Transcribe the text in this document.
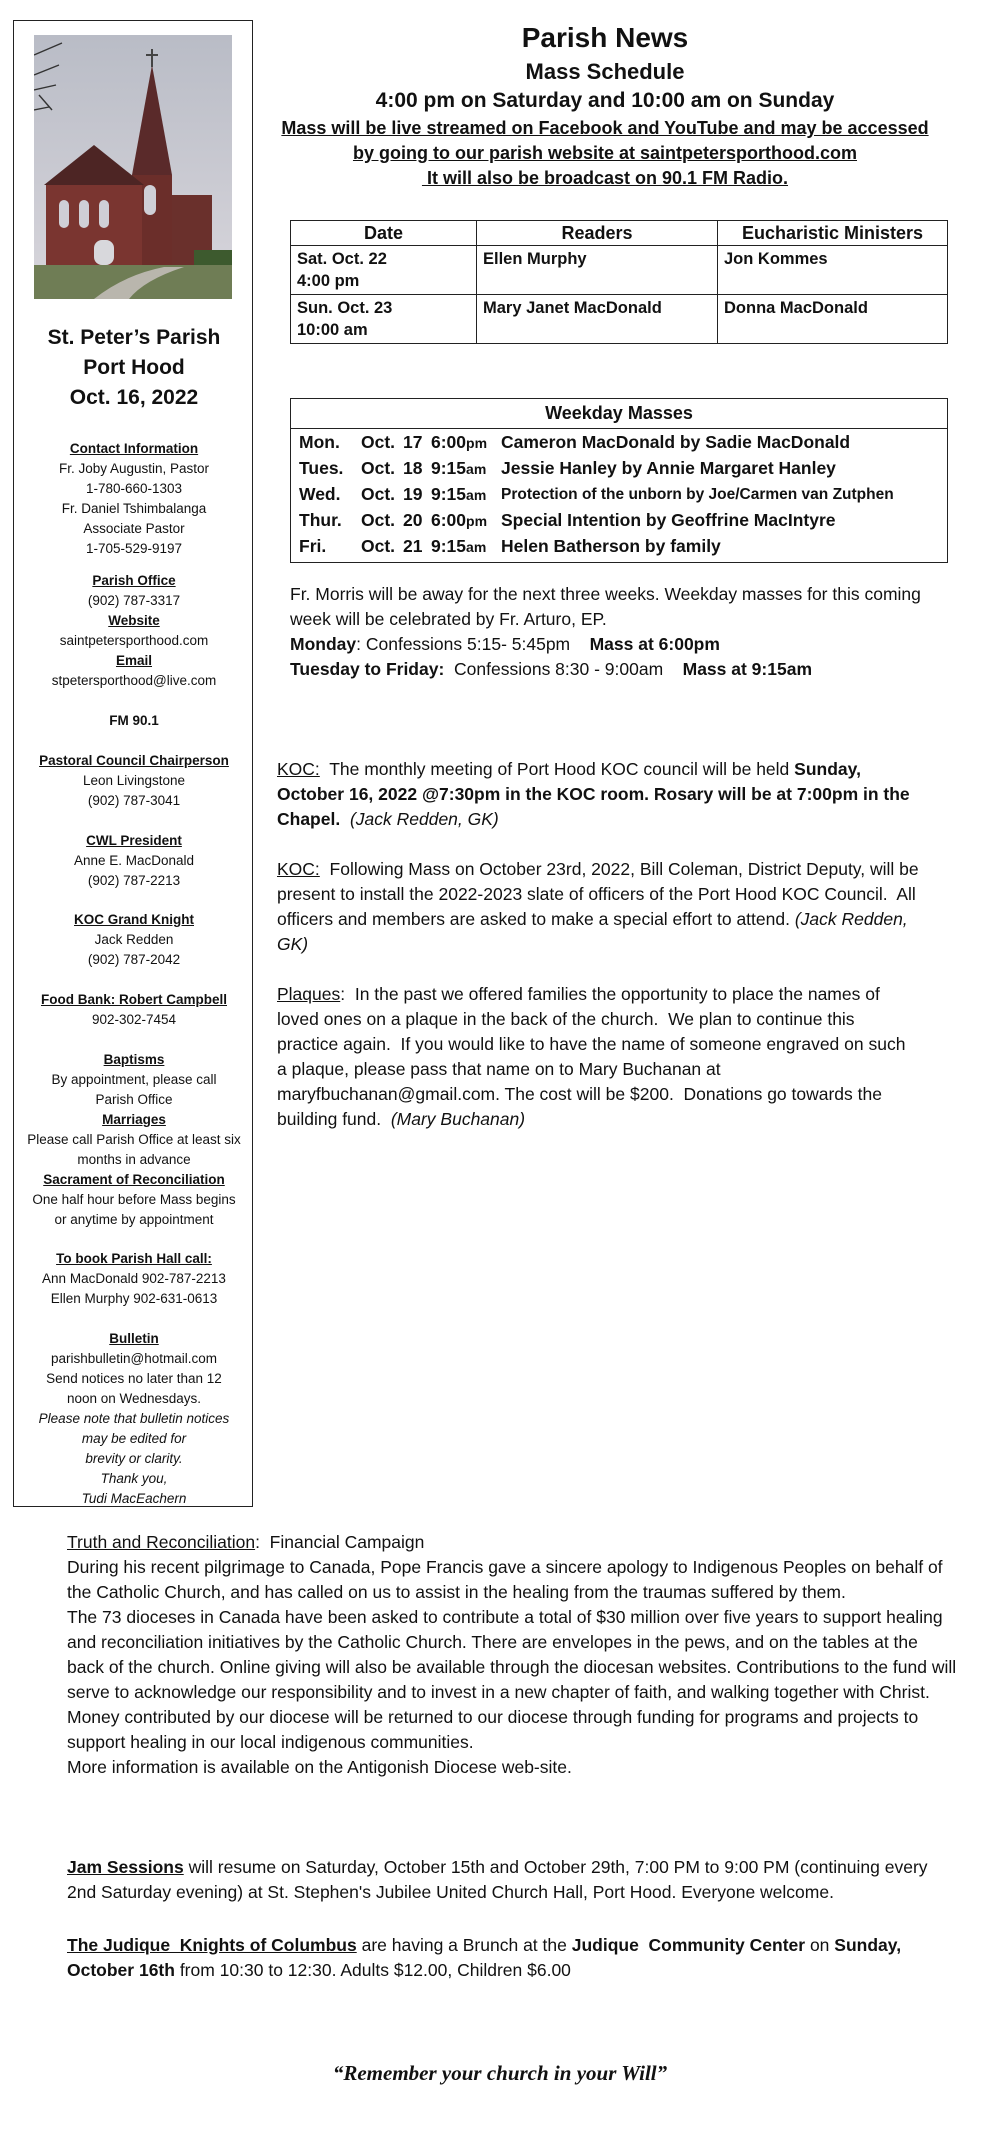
St. Peter’s Parish
Port Hood
Oct. 16, 2022
Contact Information
Fr. Joby Augustin, Pastor
1-780-660-1303
Fr. Daniel Tshimbalanga
Associate Pastor
1-705-529-9197
Parish Office
(902) 787-3317
Website
saintpetersporthood.com
Email
stpetersporthood@live.com
FM 90.1
Pastoral Council Chairperson
Leon Livingstone
(902) 787-3041
CWL President
Anne E. MacDonald
(902) 787-2213
KOC Grand Knight
Jack Redden
(902) 787-2042
Food Bank: Robert Campbell
902-302-7454
Baptisms
By appointment, please call
Parish Office
Marriages
Please call Parish Office at least six
months in advance
Sacrament of Reconciliation
One half hour before Mass begins
or anytime by appointment
To book Parish Hall call:
Ann MacDonald 902-787-2213
Ellen Murphy 902-631-0613
Bulletin
parishbulletin@hotmail.com
Send notices no later than 12
noon on Wednesdays.
Please note that bulletin notices
may be edited for
brevity or clarity.
Thank you,
Tudi MacEachern
Parish News
Mass Schedule
4:00 pm on Saturday and 10:00 am on Sunday
Mass will be live streamed on Facebook and YouTube and may be accessed
by going to our parish website at saintpetersporthood.com
It will also be broadcast on 90.1 FM Radio.
Date	Readers	Eucharistic Ministers

Sat. Oct. 22
4:00 pm	Ellen Murphy	Jon Kommes

Sun. Oct. 23
10:00 am	Mary Janet MacDonald	Donna MacDonald
Weekday Masses
Mon.	Oct. 17 6:00pm Cameron MacDonald by Sadie MacDonald
Tues.	Oct. 18 9:15am Jessie Hanley by Annie Margaret Hanley
Wed.	Oct. 19 9:15am Protection of the unborn by Joe/Carmen van Zutphen
Thur.	Oct. 20 6:00pm Special Intention by Geoffrine MacIntyre
Fri.	Oct. 21 9:15am Helen Batherson by family
Fr. Morris will be away for the next three weeks. Weekday masses for this coming week will be celebrated by Fr. Arturo, EP.
Monday: Confessions 5:15- 5:45pm    Mass at 6:00pm
Tuesday to Friday:  Confessions 8:30 - 9:00am    Mass at 9:15am
KOC:  The monthly meeting of Port Hood KOC council will be held Sunday, October 16, 2022 @7:30pm in the KOC room. Rosary will be at 7:00pm in the Chapel.  (Jack Redden, GK)
KOC:  Following Mass on October 23rd, 2022, Bill Coleman, District Deputy, will be present to install the 2022-2023 slate of officers of the Port Hood KOC Council.  All officers and members are asked to make a special effort to attend. (Jack Redden, GK)
Plaques:  In the past we offered families the opportunity to place the names of loved ones on a plaque in the back of the church.  We plan to continue this practice again.  If you would like to have the name of someone engraved on such a plaque, please pass that name on to Mary Buchanan at maryfbuchanan@gmail.com. The cost will be $200.  Donations go towards the building fund.  (Mary Buchanan)
Truth and Reconciliation:  Financial Campaign
During his recent pilgrimage to Canada, Pope Francis gave a sincere apology to Indigenous Peoples on behalf of the Catholic Church, and has called on us to assist in the healing from the traumas suffered by them.
The 73 dioceses in Canada have been asked to contribute a total of $30 million over five years to support healing and reconciliation initiatives by the Catholic Church. There are envelopes in the pews, and on the tables at the back of the church. Online giving will also be available through the diocesan websites. Contributions to the fund will serve to acknowledge our responsibility and to invest in a new chapter of faith, and walking together with Christ.
Money contributed by our diocese will be returned to our diocese through funding for programs and projects to support healing in our local indigenous communities.
More information is available on the Antigonish Diocese web-site.
Jam Sessions will resume on Saturday, October 15th and October 29th, 7:00 PM to 9:00 PM (continuing every 2nd Saturday evening) at St. Stephen's Jubilee United Church Hall, Port Hood. Everyone welcome.
The Judique  Knights of Columbus are having a Brunch at the Judique  Community Center on Sunday, October 16th from 10:30 to 12:30. Adults $12.00, Children $6.00
“Remember your church in your Will”
